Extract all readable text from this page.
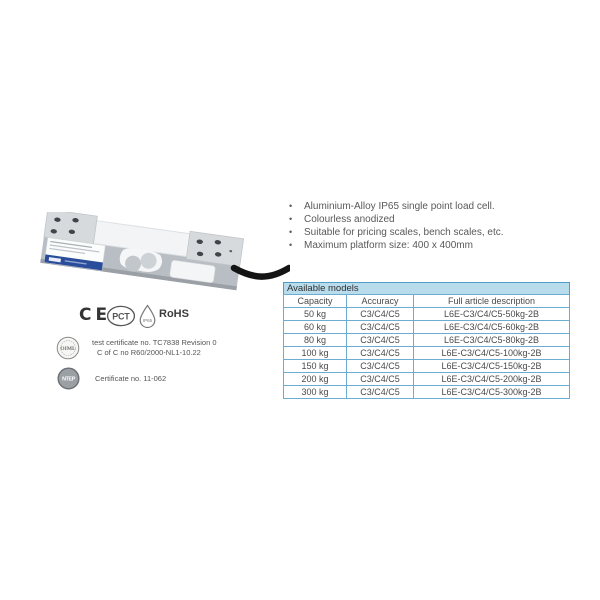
• Aluminium-Alloy IP65 single point load cell.
• Colourless anodized
• Suitable for pricing scales, bench scales, etc.
• Maximum platform size: 400 x 400mm
CE РСТ	IP65
RoHS
OIML
test certificate no. TC7838 Revision 0
C of C no R60/2000-NL1-10.22
NTEP	Certificate no. 11-062
Available models
Capacity	Accuracy	Full article description
50 kg	C3/C4/C5	L6E-C3/C4/C5-50kg-2B
60 kg	C3/C4/C5	L6E-C3/C4/C5-60kg-2B
80 kg	C3/C4/C5	L6E-C3/C4/C5-80kg-2B
100 kg	C3/C4/C5	L6E-C3/C4/C5-100kg-2B
150 kg	C3/C4/C5	L6E-C3/C4/C5-150kg-2B
200 kg	C3/C4/C5	L6E-C3/C4/C5-200kg-2B
300 kg	C3/C4/C5	L6E-C3/C4/C5-300kg-2B
